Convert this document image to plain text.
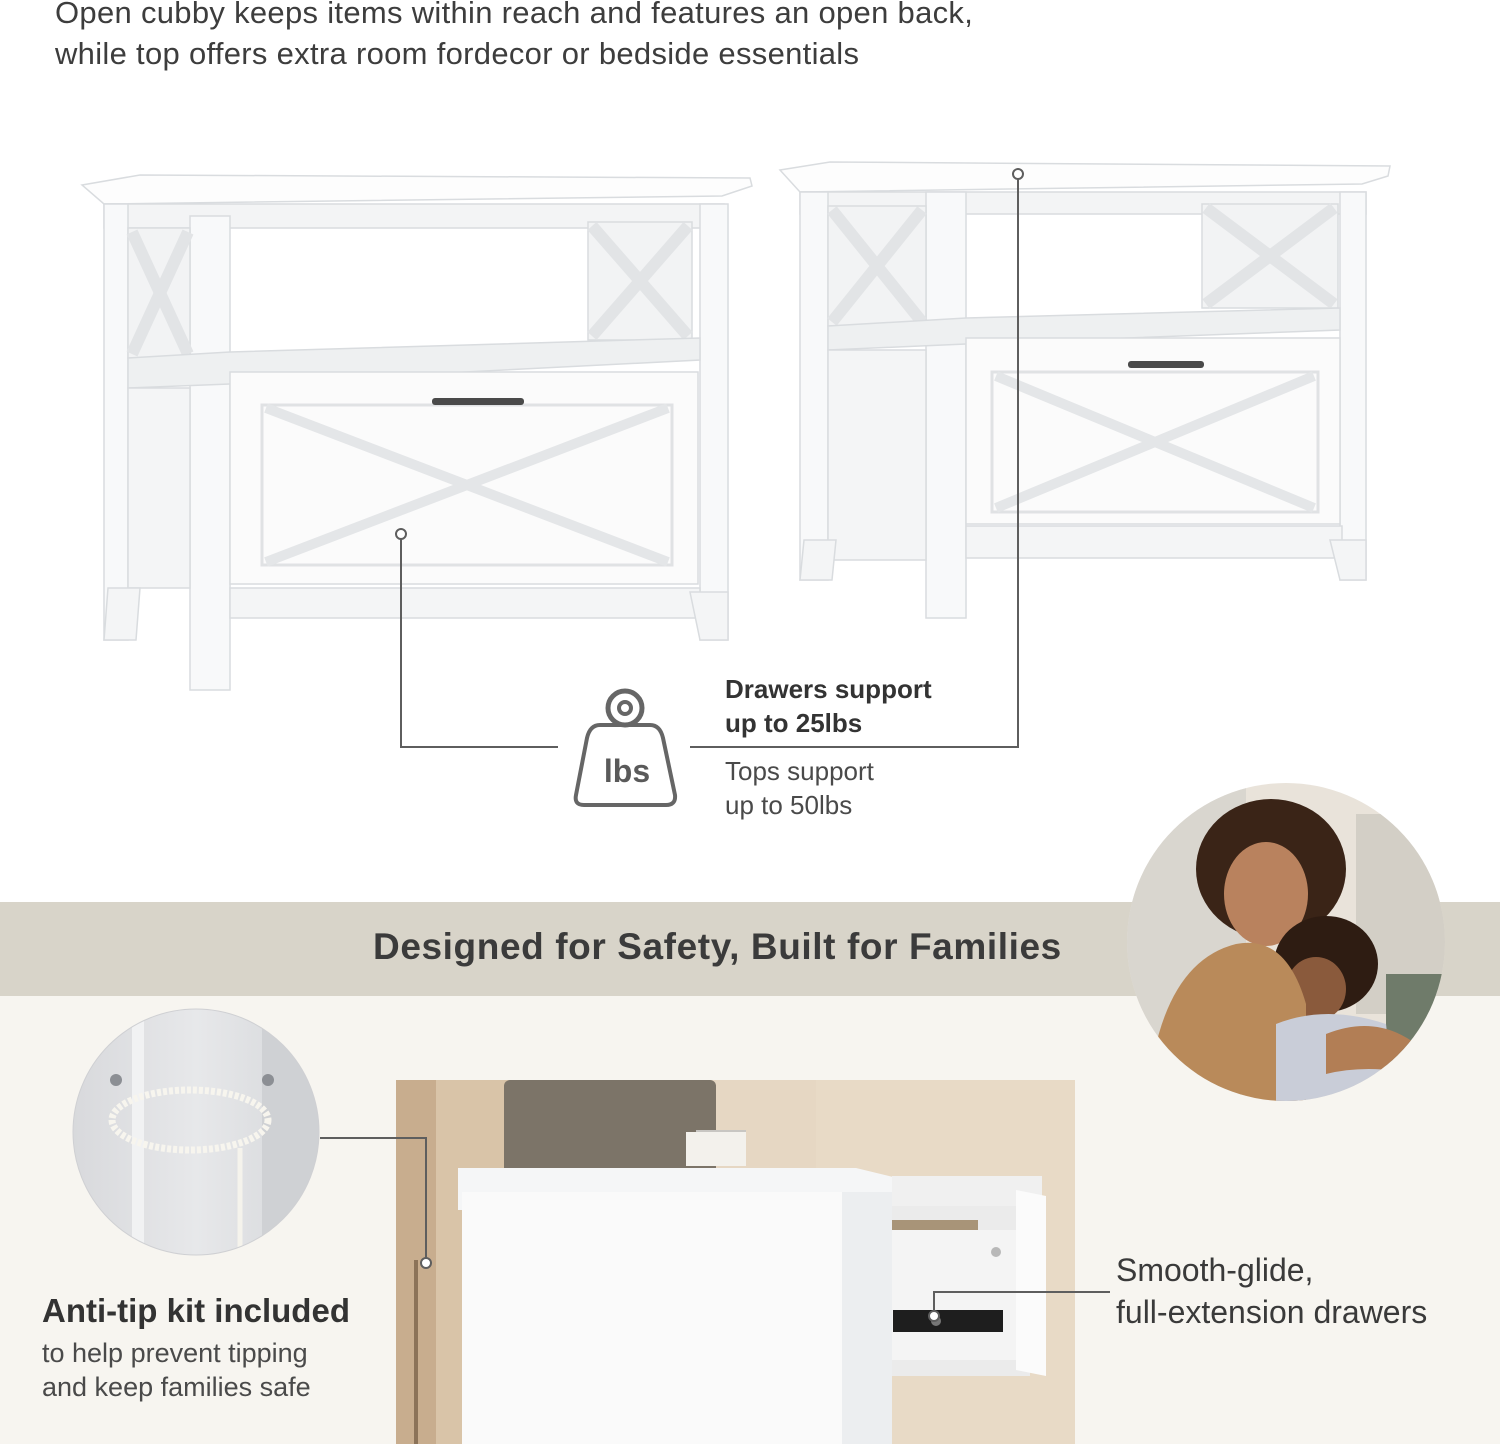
Open cubby keeps items within reach and features an open back,
while top offers extra room fordecor or bedside essentials

lbs
Drawers support
up to 25lbs
Tops support
up to 50lbs
Designed for Safety, Built for Families
Anti-tip kit included
to help prevent tipping
and keep families safe
Smooth-glide,
full-extension drawers
